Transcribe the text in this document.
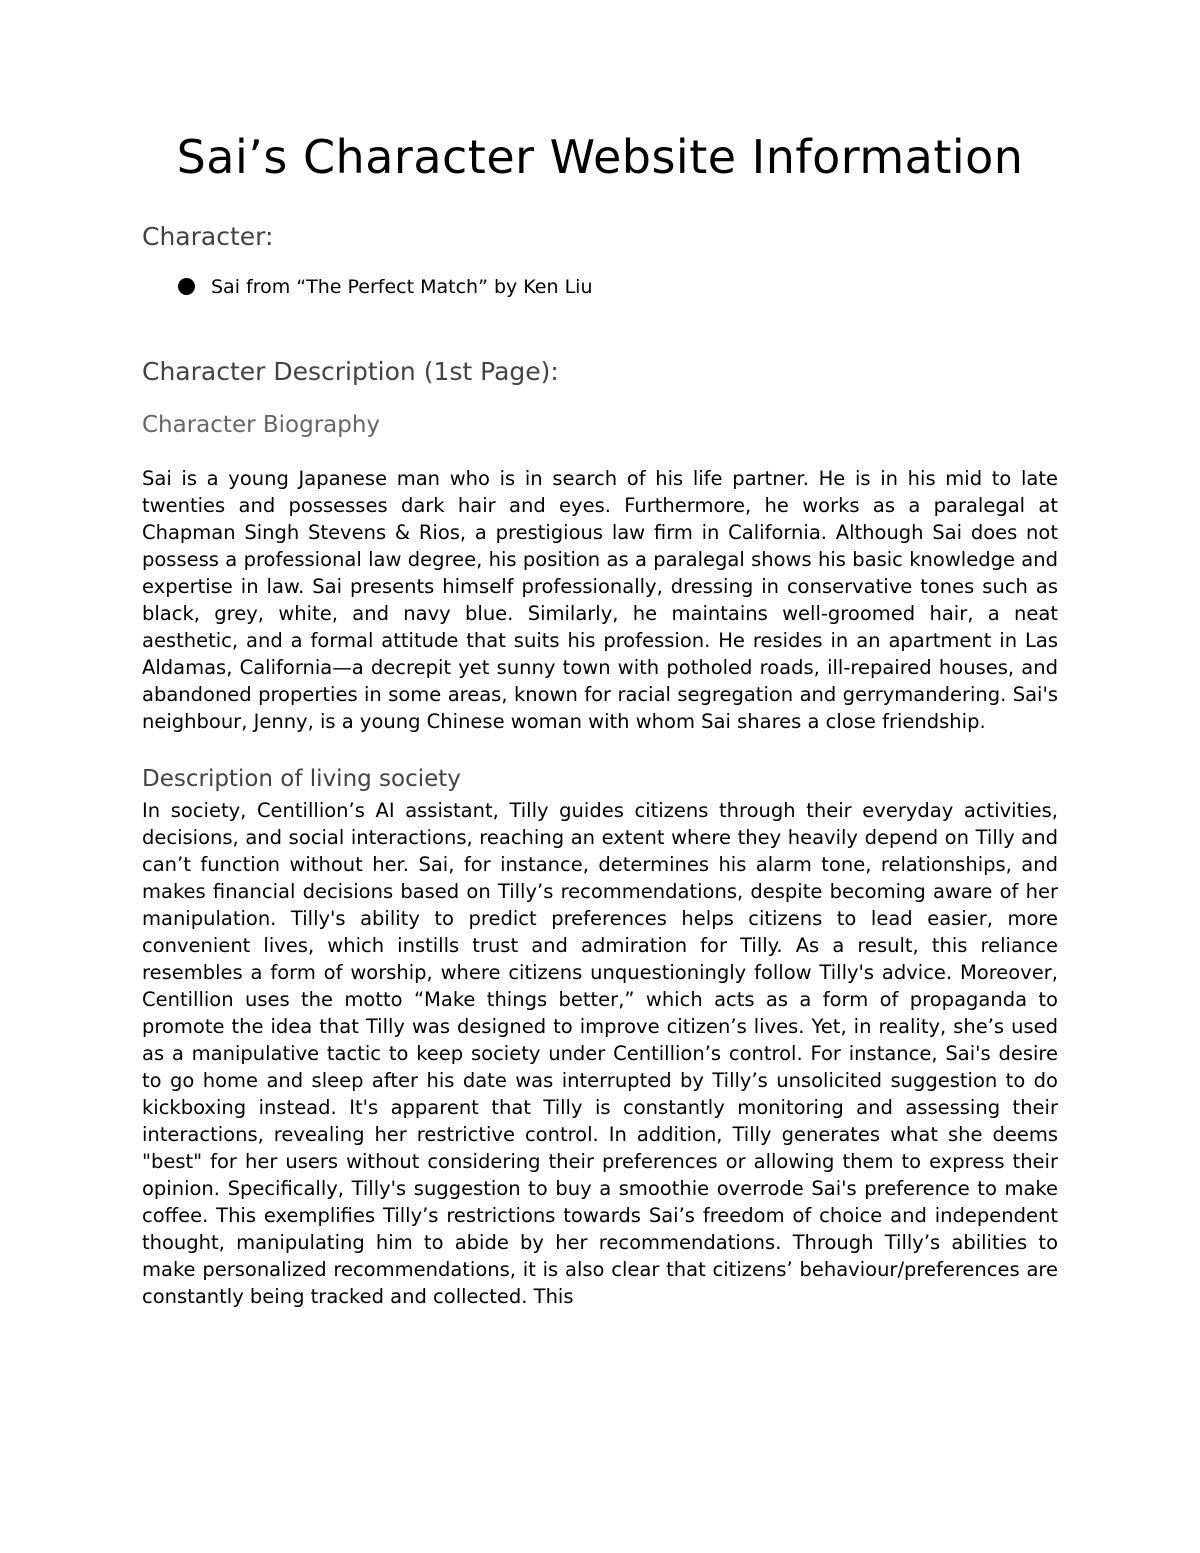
Sai’s Character Website Information
Character:
Sai from “The Perfect Match” by Ken Liu
Character Description (1st Page):
Character Biography

Sai is a young Japanese man who is in search of his life partner. He is in his mid to late twenties and possesses dark hair and eyes. Furthermore, he works as a paralegal at Chapman Singh Stevens & Rios, a prestigious law firm in California. Although Sai does not possess a professional law degree, his position as a paralegal shows his basic knowledge and expertise in law. Sai presents himself professionally, dressing in conservative tones such as black, grey, white, and navy blue. Similarly, he maintains well-groomed hair, a neat aesthetic, and a formal attitude that suits his profession. He resides in an apartment in Las Aldamas, California—a decrepit yet sunny town with potholed roads, ill-repaired houses, and abandoned properties in some areas, known for racial segregation and gerrymandering. Sai's neighbour, Jenny, is a young Chinese woman with whom Sai shares a close friendship.

Description of living society

In society, Centillion’s AI assistant, Tilly guides citizens through their everyday activities, decisions, and social interactions, reaching an extent where they heavily depend on Tilly and can’t function without her. Sai, for instance, determines his alarm tone, relationships, and makes financial decisions based on Tilly’s recommendations, despite becoming aware of her manipulation. Tilly's ability to predict preferences helps citizens to lead easier, more convenient lives, which instills trust and admiration for Tilly. As a result, this reliance resembles a form of worship, where citizens unquestioningly follow Tilly's advice. Moreover, Centillion uses the motto “Make things better,” which acts as a form of propaganda to promote the idea that Tilly was designed to improve citizen’s lives. Yet, in reality, she’s used as a manipulative tactic to keep society under Centillion’s control. For instance, Sai's desire to go home and sleep after his date was interrupted by Tilly’s unsolicited suggestion to do kickboxing instead. It's apparent that Tilly is constantly monitoring and assessing their interactions, revealing her restrictive control. In addition, Tilly generates what she deems "best" for her users without considering their preferences or allowing them to express their opinion. Specifically, Tilly's suggestion to buy a smoothie overrode Sai's preference to make coffee. This exemplifies Tilly’s restrictions towards Sai’s freedom of choice and independent thought, manipulating him to abide by her recommendations. Through Tilly’s abilities to make personalized recommendations, it is also clear that citizens’ behaviour/preferences are constantly being tracked and collected. This
